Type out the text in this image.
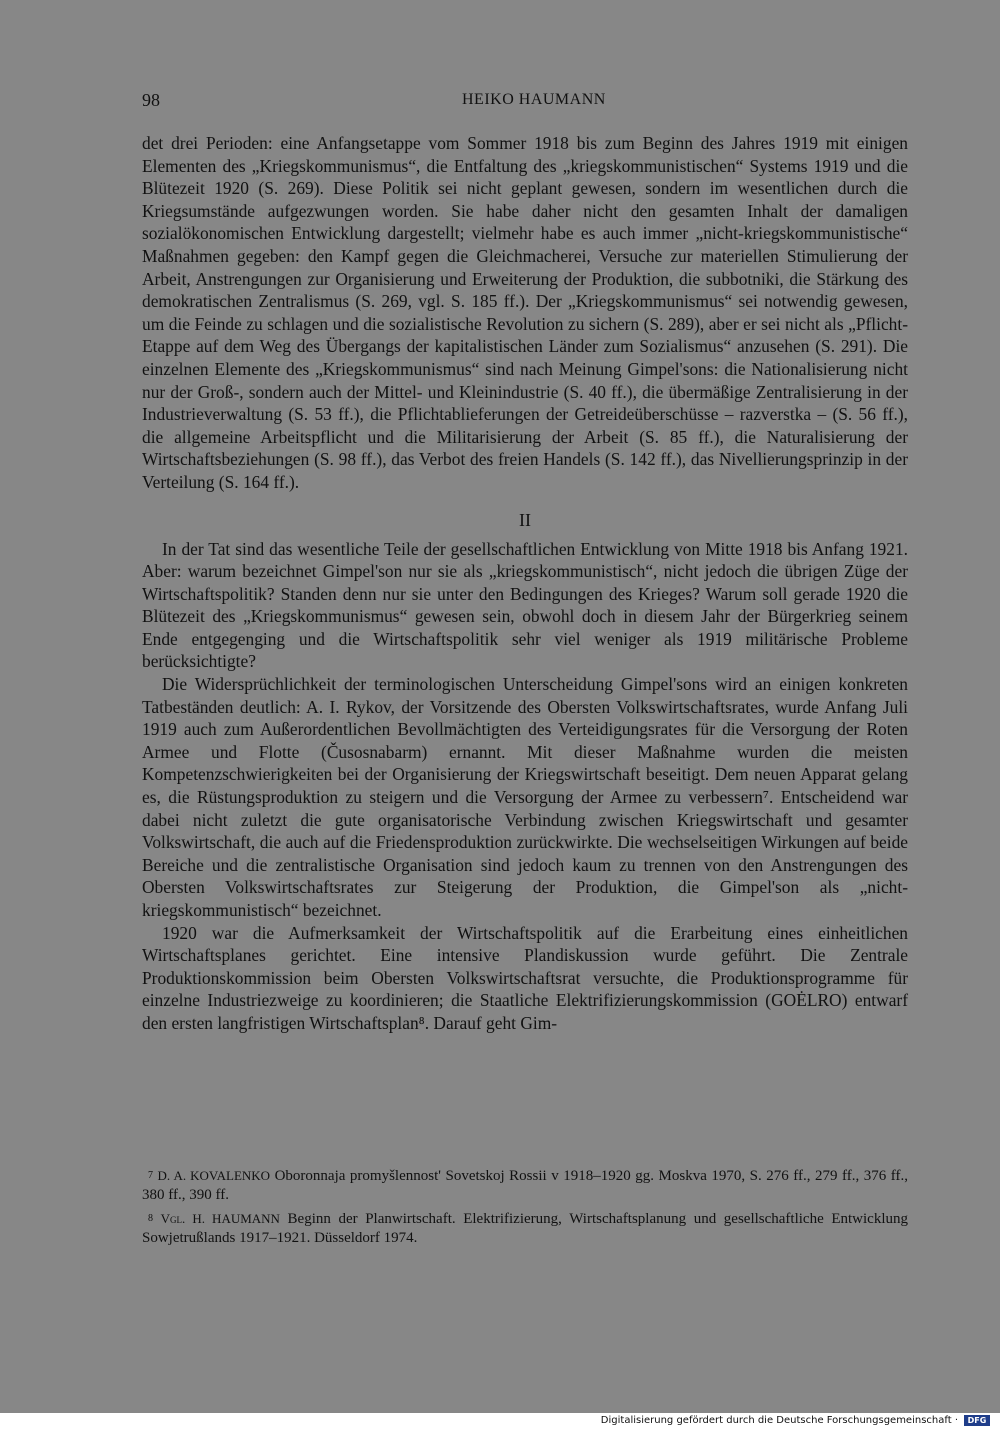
98	HEIKO HAUMANN

det drei Perioden: eine Anfangsetappe vom Sommer 1918 bis zum Beginn des Jahres 1919 mit einigen Elementen des „Kriegskommunismus“, die Entfaltung des „kriegskommunistischen“ Systems 1919 und die Blütezeit 1920 (S. 269). Diese Politik sei nicht geplant gewesen, sondern im wesentlichen durch die Kriegsumstände aufgezwungen worden. Sie habe daher nicht den gesamten Inhalt der damaligen sozialökonomischen Entwicklung dargestellt; vielmehr habe es auch immer „nicht-kriegskommunistische“ Maßnahmen gegeben: den Kampf gegen die Gleichmacherei, Versuche zur materiellen Stimulierung der Arbeit, Anstrengungen zur Organisierung und Erweiterung der Produktion, die subbotniki, die Stärkung des demokratischen Zentralismus (S. 269, vgl. S. 185 ff.). Der „Kriegskommunismus“ sei notwendig gewesen, um die Feinde zu schlagen und die sozialistische Revolution zu sichern (S. 289), aber er sei nicht als „Pflicht-Etappe auf dem Weg des Übergangs der kapitalistischen Länder zum Sozialismus“ anzusehen (S. 291). Die einzelnen Elemente des „Kriegskommunismus“ sind nach Meinung Gimpel'sons: die Nationalisierung nicht nur der Groß-, sondern auch der Mittel- und Kleinindustrie (S. 40 ff.), die übermäßige Zentralisierung in der Industrieverwaltung (S. 53 ff.), die Pflichtablieferungen der Getreideüberschüsse – razverstka – (S. 56 ff.), die allgemeine Arbeitspflicht und die Militarisierung der Arbeit (S. 85 ff.), die Naturalisierung der Wirtschaftsbeziehungen (S. 98 ff.), das Verbot des freien Handels (S. 142 ff.), das Nivellierungsprinzip in der Verteilung (S. 164 ff.).

II

In der Tat sind das wesentliche Teile der gesellschaftlichen Entwicklung von Mitte 1918 bis Anfang 1921. Aber: warum bezeichnet Gimpel'son nur sie als „kriegskommunistisch“, nicht jedoch die übrigen Züge der Wirtschaftspolitik? Standen denn nur sie unter den Bedingungen des Krieges? Warum soll gerade 1920 die Blütezeit des „Kriegskommunismus“ gewesen sein, obwohl doch in diesem Jahr der Bürgerkrieg seinem Ende entgegenging und die Wirtschaftspolitik sehr viel weniger als 1919 militärische Probleme berücksichtigte?

Die Widersprüchlichkeit der terminologischen Unterscheidung Gimpel'sons wird an einigen konkreten Tatbeständen deutlich: A. I. Rykov, der Vorsitzende des Obersten Volkswirtschaftsrates, wurde Anfang Juli 1919 auch zum Außerordentlichen Bevollmächtigten des Verteidigungsrates für die Versorgung der Roten Armee und Flotte (Čusosnabarm) ernannt. Mit dieser Maßnahme wurden die meisten Kompetenzschwierigkeiten bei der Organisierung der Kriegswirtschaft beseitigt. Dem neuen Apparat gelang es, die Rüstungsproduktion zu steigern und die Versorgung der Armee zu verbessern⁷. Entscheidend war dabei nicht zuletzt die gute organisatorische Verbindung zwischen Kriegswirtschaft und gesamter Volkswirtschaft, die auch auf die Friedensproduktion zurückwirkte. Die wechselseitigen Wirkungen auf beide Bereiche und die zentralistische Organisation sind jedoch kaum zu trennen von den Anstrengungen des Obersten Volkswirtschaftsrates zur Steigerung der Produktion, die Gimpel'son als „nicht-kriegskommunistisch“ bezeichnet.

1920 war die Aufmerksamkeit der Wirtschaftspolitik auf die Erarbeitung eines einheitlichen Wirtschaftsplanes gerichtet. Eine intensive Plandiskussion wurde geführt. Die Zentrale Produktionskommission beim Obersten Volkswirtschaftsrat versuchte, die Produktionsprogramme für einzelne Industriezweige zu koordinieren; die Staatliche Elektrifizierungskommission (GOĖLRO) entwarf den ersten langfristigen Wirtschaftsplan⁸. Darauf geht Gim-

$^7$ D. A. KOVALENKO Oboronnaja promyšlennost' Sovetskoj Rossii v 1918–1920 gg. Moskva 1970, S. 276 ff., 279 ff., 376 ff., 380 ff., 390 ff.

$^8$ Vgl. H. HAUMANN Beginn der Planwirtschaft. Elektrifizierung, Wirtschaftsplanung und gesellschaftliche Entwicklung Sowjetrußlands 1917–1921. Düsseldorf 1974.

Digitalisierung gefördert durch die Deutsche Forschungsgemeinschaft ·	DFG
